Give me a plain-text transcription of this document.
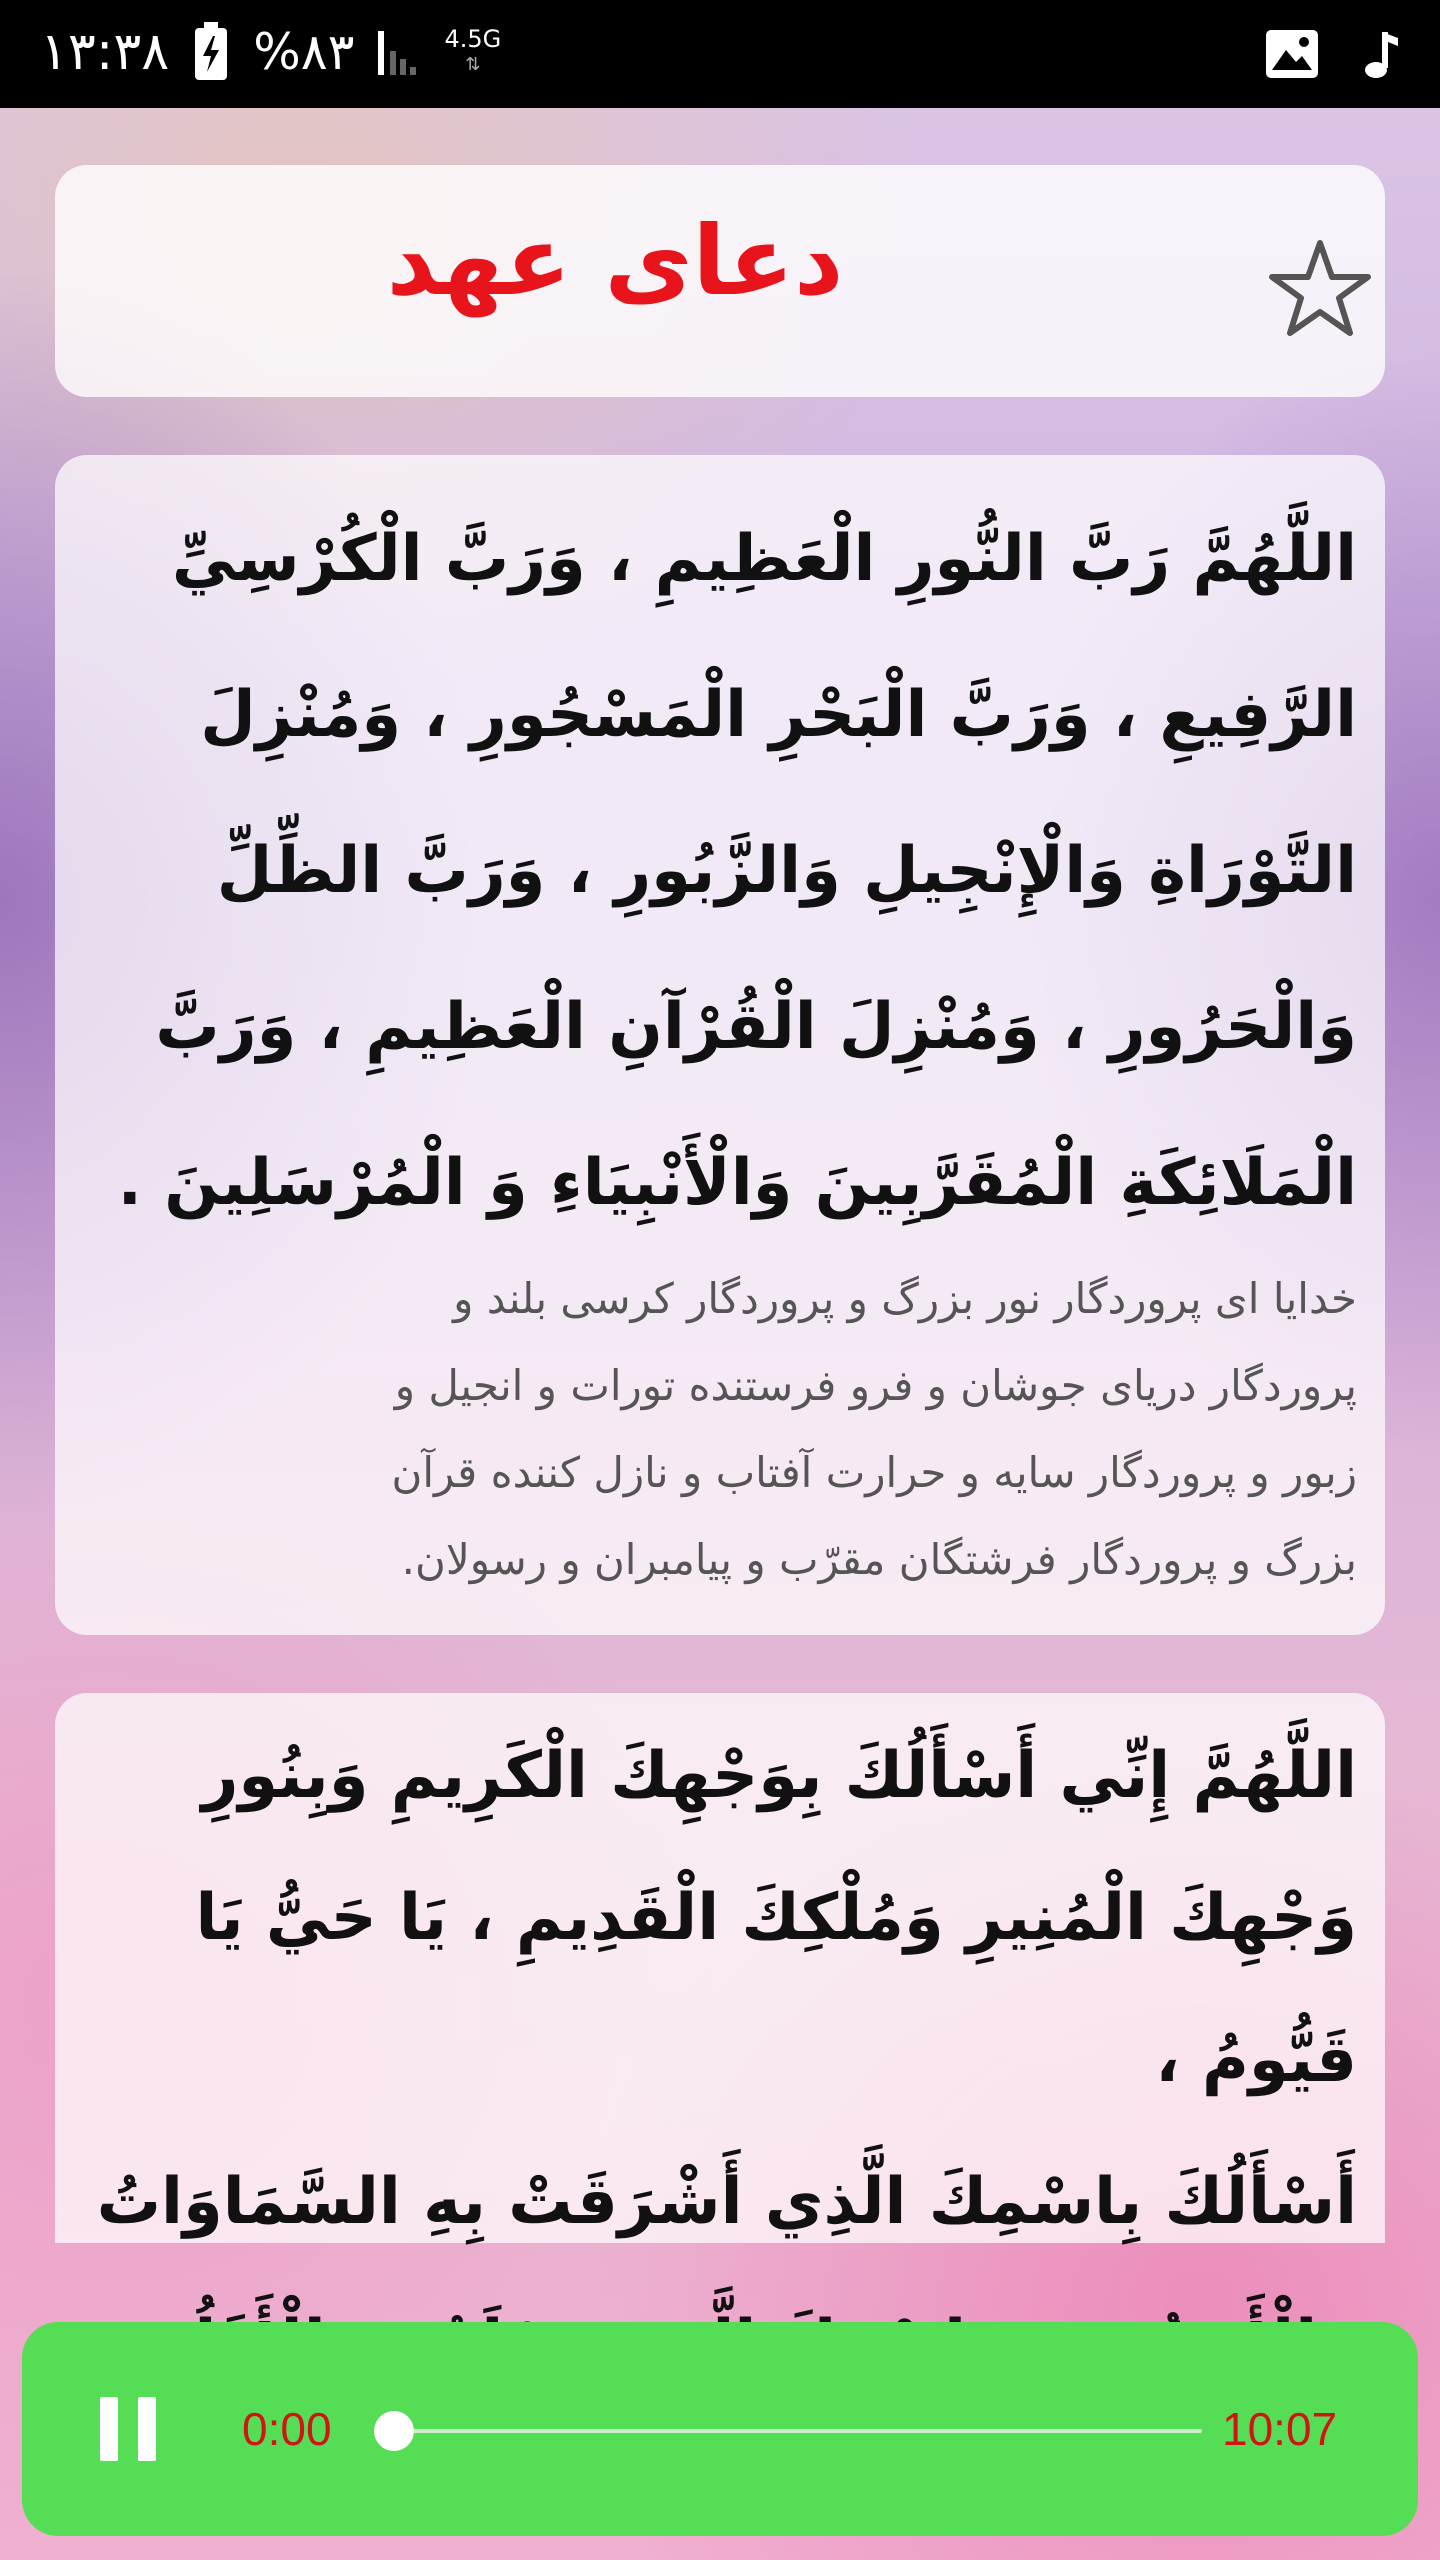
۱۳:۳۸ %۸۳	4.5G
⇅
دعای عهد
اللَّهُمَّ رَبَّ النُّورِ الْعَظِيمِ ، وَرَبَّ الْكُرْسِيِّ
الرَّفِيعِ ، وَرَبَّ الْبَحْرِ الْمَسْجُورِ ، وَمُنْزِلَ
التَّوْرَاةِ وَالْإِنْجِيلِ وَالزَّبُورِ ، وَرَبَّ الظِّلِّ
وَالْحَرُورِ ، وَمُنْزِلَ الْقُرْآنِ الْعَظِيمِ ، وَرَبَّ
الْمَلَائِكَةِ الْمُقَرَّبِينَ وَالْأَنْبِيَاءِ وَ الْمُرْسَلِينَ .
خدایا ای پروردگار نور بزرگ و پروردگار کرسی بلند و
پروردگار دریای جوشان و فرو فرستنده تورات و انجیل و
زبور و پروردگار سایه و حرارت آفتاب و نازل کننده قرآن
بزرگ و پروردگار فرشتگان مقرّب و پیامبران و رسولان.
اللَّهُمَّ إِنِّي أَسْأَلُكَ بِوَجْهِكَ الْكَرِيمِ وَبِنُورِ
وَجْهِكَ الْمُنِيرِ وَمُلْكِكَ الْقَدِيمِ ، يَا حَيُّ يَا قَيُّومُ ،
أَسْأَلُكَ بِاسْمِكَ الَّذِي أَشْرَقَتْ بِهِ السَّمَاوَاتُ
0:00	10:07
